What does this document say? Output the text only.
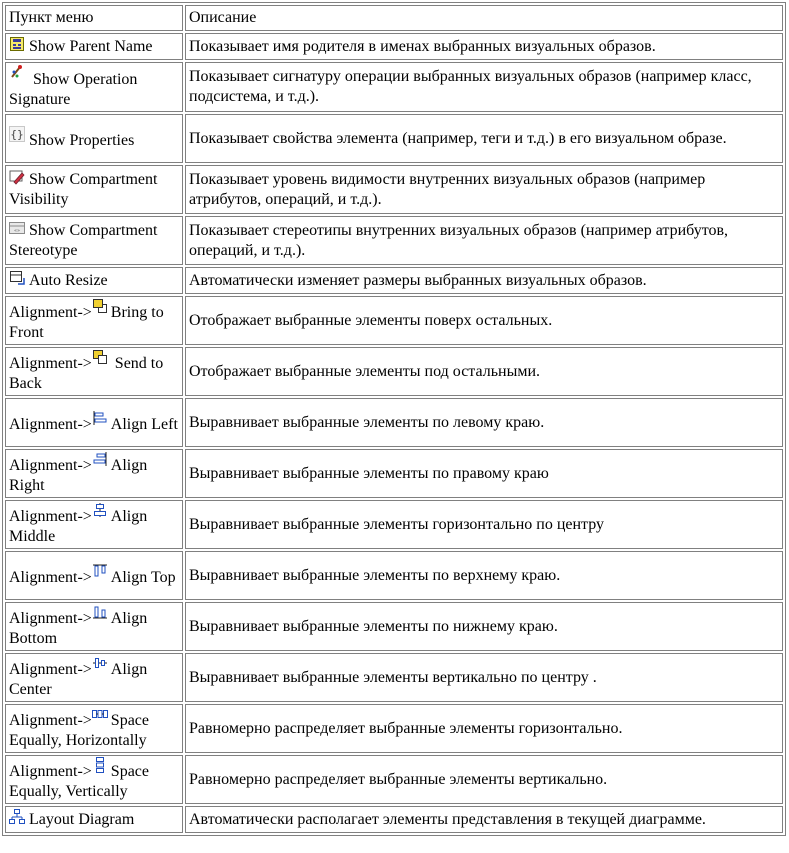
Пункт меню	Описание

Show Parent Name	Показывает имя родителя в именах выбранных визуальных образов.

Show Operation Signature	Показывает сигнатуру операции выбранных визуальных образов (например класс, подсистема, и т.д.).

{} Show Properties	Показывает свойства элемента (например, теги и т.д.) в его визуальном образе.

Show Compartment Visibility	Показывает уровень видимости внутренних визуальных образов (например атрибутов, операций, и т.д.).

«» Show Compartment Stereotype	Показывает стереотипы внутренних визуальных образов (например атрибутов, операций, и т.д.).

Auto Resize	Автоматически изменяет размеры выбранных визуальных образов.
Alignment-> Bring to Front	Отображает выбранные элементы поверх остальных.
Alignment-> Send to Back	Отображает выбранные элементы под остальными.
Alignment-> Align Left	Выравнивает выбранные элементы по левому краю.
Alignment-> Align Right	Выравнивает выбранные элементы по правому краю
Alignment-> Align Middle	Выравнивает выбранные элементы горизонтально по центру
Alignment-> Align Top	Выравнивает выбранные элементы по верхнему краю.
Alignment-> Align Bottom	Выравнивает выбранные элементы по нижнему краю.
Alignment-> Align Center	Выравнивает выбранные элементы вертикально по центру .
Alignment-> Space Equally, Horizontally	Равномерно распределяет выбранные элементы горизонтально.
Alignment-> Space Equally, Vertically	Равномерно распределяет выбранные элементы вертикально.

Layout Diagram	Автоматически располагает элементы представления в текущей диаграмме.
